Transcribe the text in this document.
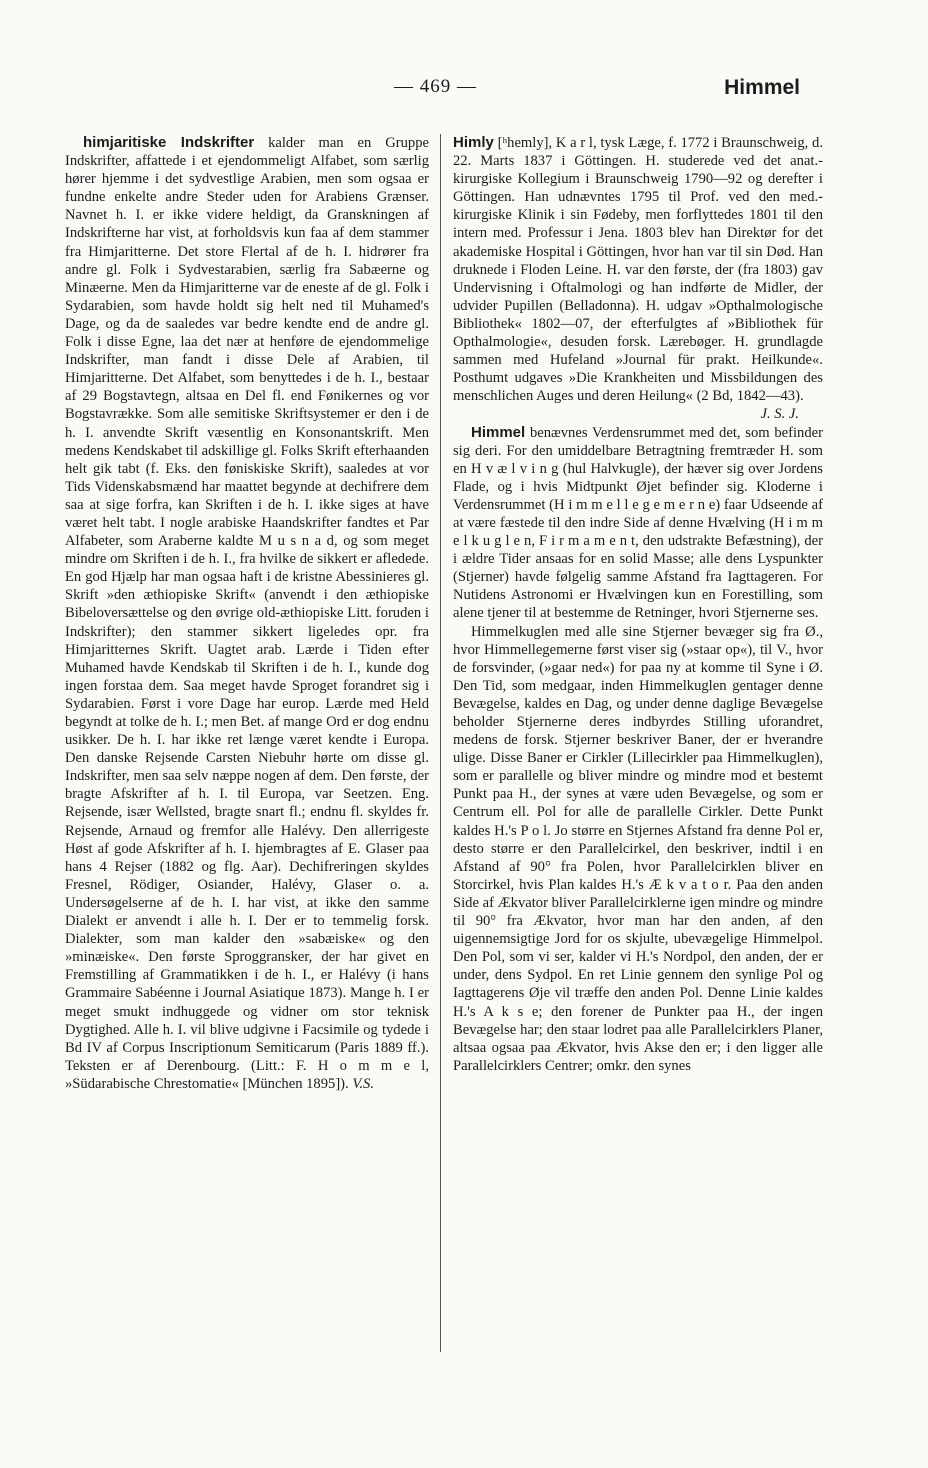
— 469 —	Himmel

himjaritiske Indskrifter kalder man en Gruppe Indskrifter, affattede i et ejendommeligt Alfabet, som særlig hører hjemme i det sydvestlige Arabien, men som ogsaa er fundne enkelte andre Steder uden for Arabiens Grænser. Navnet h. I. er ikke videre heldigt, da Granskningen af Indskrifterne har vist, at forholdsvis kun faa af dem stammer fra Himjaritterne. Det store Flertal af de h. I. hidrører fra andre gl. Folk i Sydvestarabien, særlig fra Sabæerne og Minæerne. Men da Himjaritterne var de eneste af de gl. Folk i Sydarabien, som havde holdt sig helt ned til Muhamed's Dage, og da de saaledes var bedre kendte end de andre gl. Folk i disse Egne, laa det nær at henføre de ejendommelige Indskrifter, man fandt i disse Dele af Arabien, til Himjaritterne. Det Alfabet, som benyttedes i de h. I., bestaar af 29 Bogstavtegn, altsaa en Del fl. end Fønikernes og vor Bogstavrække. Som alle semitiske Skriftsystemer er den i de h. I. anvendte Skrift væsentlig en Konsonantskrift. Men medens Kendskabet til adskillige gl. Folks Skrift efterhaanden helt gik tabt (f. Eks. den føniskiske Skrift), saaledes at vor Tids Videnskabsmænd har maattet begynde at dechifrere dem saa at sige forfra, kan Skriften i de h. I. ikke siges at have været helt tabt. I nogle arabiske Haandskrifter fandtes et Par Alfabeter, som Araberne kaldte M u s n a d, og som meget mindre om Skriften i de h. I., fra hvilke de sikkert er afledede. En god Hjælp har man ogsaa haft i de kristne Abessinieres gl. Skrift »den æthiopiske Skrift« (anvendt i den æthiopiske Bibeloversættelse og den øvrige old-æthiopiske Litt. foruden i Indskrifter); den stammer sikkert ligeledes opr. fra Himjaritternes Skrift. Uagtet arab. Lærde i Tiden efter Muhamed havde Kendskab til Skriften i de h. I., kunde dog ingen forstaa dem. Saa meget havde Sproget forandret sig i Sydarabien. Først i vore Dage har europ. Lærde med Held begyndt at tolke de h. I.; men Bet. af mange Ord er dog endnu usikker. De h. I. har ikke ret længe været kendte i Europa. Den danske Rejsende Carsten Niebuhr hørte om disse gl. Indskrifter, men saa selv næppe nogen af dem. Den første, der bragte Afskrifter af h. I. til Europa, var Seetzen. Eng. Rejsende, især Wellsted, bragte snart fl.; endnu fl. skyldes fr. Rejsende, Arnaud og fremfor alle Halévy. Den allerrigeste Høst af gode Afskrifter af h. I. hjembragtes af E. Glaser paa hans 4 Rejser (1882 og flg. Aar). Dechifreringen skyldes Fresnel, Rödiger, Osiander, Halévy, Glaser o. a. Undersøgelserne af de h. I. har vist, at ikke den samme Dialekt er anvendt i alle h. I. Der er to temmelig forsk. Dialekter, som man kalder den »sabæiske« og den »minæiske«. Den første Sproggransker, der har givet en Fremstilling af Grammatikken i de h. I., er Halévy (i hans Grammaire Sabéenne i Journal Asiatique 1873). Mange h. I er meget smukt indhuggede og vidner om stor teknisk Dygtighed. Alle h. I. vil blive udgivne i Facsimile og tydede i Bd IV af Corpus Inscriptionum Semiticarum (Paris 1889 ff.). Teksten er af Derenbourg. (Litt.: F. H o m m e l, »Südarabische Chrestomatie« [München 1895]). V.S.

Himly [ʰhemly], K a r l, tysk Læge, f. 1772 i Braunschweig, d. 22. Marts 1837 i Göttingen. H. studerede ved det anat.-kirurgiske Kollegium i Braunschweig 1790—92 og derefter i Göttingen. Han udnævntes 1795 til Prof. ved den med.-kirurgiske Klinik i sin Fødeby, men forflyttedes 1801 til den intern med. Professur i Jena. 1803 blev han Direktør for det akademiske Hospital i Göttingen, hvor han var til sin Død. Han druknede i Floden Leine. H. var den første, der (fra 1803) gav Undervisning i Oftalmologi og han indførte de Midler, der udvider Pupillen (Belladonna). H. udgav »Opthalmologische Bibliothek« 1802—07, der efterfulgtes af »Bibliothek für Opthalmologie«, desuden forsk. Lærebøger. H. grundlagde sammen med Hufeland »Journal für prakt. Heilkunde«. Posthumt udgaves »Die Krankheiten und Missbildungen des menschlichen Auges und deren Heilung« (2 Bd, 1842—43).

J. S. J.

Himmel benævnes Verdensrummet med det, som befinder sig deri. For den umiddelbare Betragtning fremtræder H. som en H v æ l v i n g (hul Halvkugle), der hæver sig over Jordens Flade, og i hvis Midtpunkt Øjet befinder sig. Kloderne i Verdensrummet (H i m m e l l e g e m e r n e) faar Udseende af at være fæstede til den indre Side af denne Hvælving (H i m m e l k u g l e n, F i r m a m e n t, den udstrakte Befæstning), der i ældre Tider ansaas for en solid Masse; alle dens Lyspunkter (Stjerner) havde følgelig samme Afstand fra Iagttageren. For Nutidens Astronomi er Hvælvingen kun en Forestilling, som alene tjener til at bestemme de Retninger, hvori Stjernerne ses.

Himmelkuglen med alle sine Stjerner bevæger sig fra Ø., hvor Himmellegemerne først viser sig (»staar op«), til V., hvor de forsvinder, (»gaar ned«) for paa ny at komme til Syne i Ø. Den Tid, som medgaar, inden Himmelkuglen gentager denne Bevægelse, kaldes en Dag, og under denne daglige Bevægelse beholder Stjernerne deres indbyrdes Stilling uforandret, medens de forsk. Stjerner beskriver Baner, der er hverandre ulige. Disse Baner er Cirkler (Lillecirkler paa Himmelkuglen), som er parallelle og bliver mindre og mindre mod et bestemt Punkt paa H., der synes at være uden Bevægelse, og som er Centrum ell. Pol for alle de parallelle Cirkler. Dette Punkt kaldes H.'s P o l. Jo større en Stjernes Afstand fra denne Pol er, desto større er den Parallelcirkel, den beskriver, indtil i en Afstand af 90° fra Polen, hvor Parallelcirklen bliver en Storcirkel, hvis Plan kaldes H.'s Æ k v a t o r. Paa den anden Side af Ækvator bliver Parallelcirklerne igen mindre og mindre til 90° fra Ækvator, hvor man har den anden, af den uigennemsigtige Jord for os skjulte, ubevægelige Himmelpol. Den Pol, som vi ser, kalder vi H.'s Nordpol, den anden, der er under, dens Sydpol. En ret Linie gennem den synlige Pol og Iagttagerens Øje vil træffe den anden Pol. Denne Linie kaldes H.'s A k s e; den forener de Punkter paa H., der ingen Bevægelse har; den staar lodret paa alle Parallelcirklers Planer, altsaa ogsaa paa Ækvator, hvis Akse den er; i den ligger alle Parallelcirklers Centrer; omkr. den synes
